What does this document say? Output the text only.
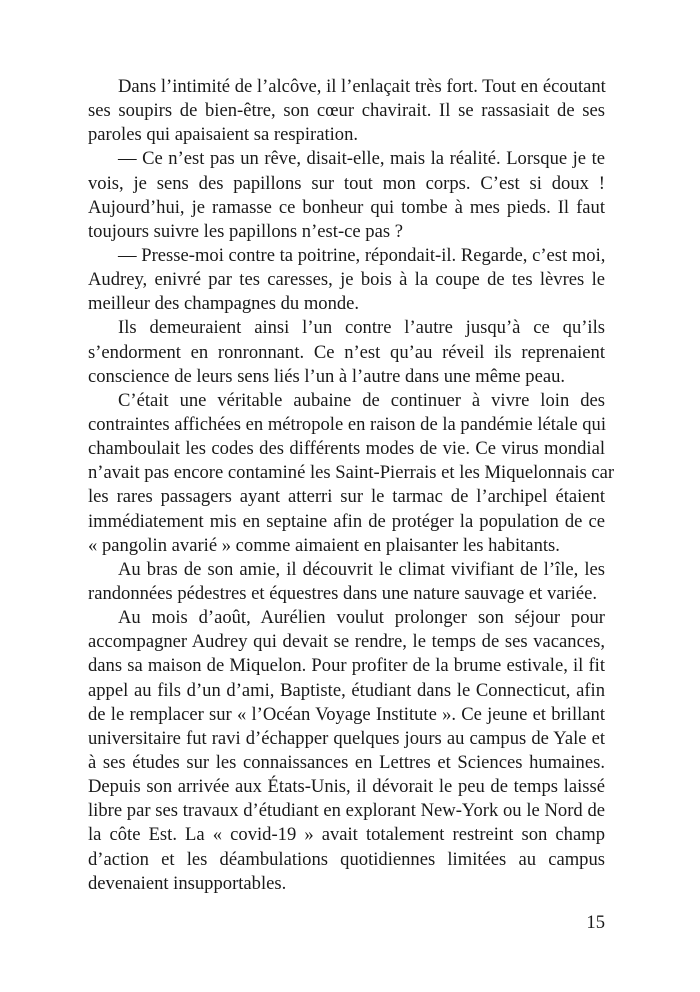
Dans l’intimité de l’alcôve, il l’enlaçait très fort. Tout en écoutant
ses soupirs de bien-être, son cœur chavirait. Il se rassasiait de ses
paroles qui apaisaient sa respiration.
— Ce n’est pas un rêve, disait-elle, mais la réalité. Lorsque je te
vois, je sens des papillons sur tout mon corps. C’est si doux !
Aujourd’hui, je ramasse ce bonheur qui tombe à mes pieds. Il faut
toujours suivre les papillons n’est-ce pas ?
— Presse-moi contre ta poitrine, répondait-il. Regarde, c’est moi,
Audrey, enivré par tes caresses, je bois à la coupe de tes lèvres le
meilleur des champagnes du monde.
Ils demeuraient ainsi l’un contre l’autre jusqu’à ce qu’ils
s’endorment en ronronnant. Ce n’est qu’au réveil ils reprenaient
conscience de leurs sens liés l’un à l’autre dans une même peau.
C’était une véritable aubaine de continuer à vivre loin des
contraintes affichées en métropole en raison de la pandémie létale qui
chamboulait les codes des différents modes de vie. Ce virus mondial
n’avait pas encore contaminé les Saint-Pierrais et les Miquelonnais car
les rares passagers ayant atterri sur le tarmac de l’archipel étaient
immédiatement mis en septaine afin de protéger la population de ce
« pangolin avarié » comme aimaient en plaisanter les habitants.
Au bras de son amie, il découvrit le climat vivifiant de l’île, les
randonnées pédestres et équestres dans une nature sauvage et variée.
Au mois d’août, Aurélien voulut prolonger son séjour pour
accompagner Audrey qui devait se rendre, le temps de ses vacances,
dans sa maison de Miquelon. Pour profiter de la brume estivale, il fit
appel au fils d’un d’ami, Baptiste, étudiant dans le Connecticut, afin
de le remplacer sur « l’Océan Voyage Institute ». Ce jeune et brillant
universitaire fut ravi d’échapper quelques jours au campus de Yale et
à ses études sur les connaissances en Lettres et Sciences humaines.
Depuis son arrivée aux États-Unis, il dévorait le peu de temps laissé
libre par ses travaux d’étudiant en explorant New-York ou le Nord de
la côte Est. La « covid-19 » avait totalement restreint son champ
d’action et les déambulations quotidiennes limitées au campus
devenaient insupportables.
15
